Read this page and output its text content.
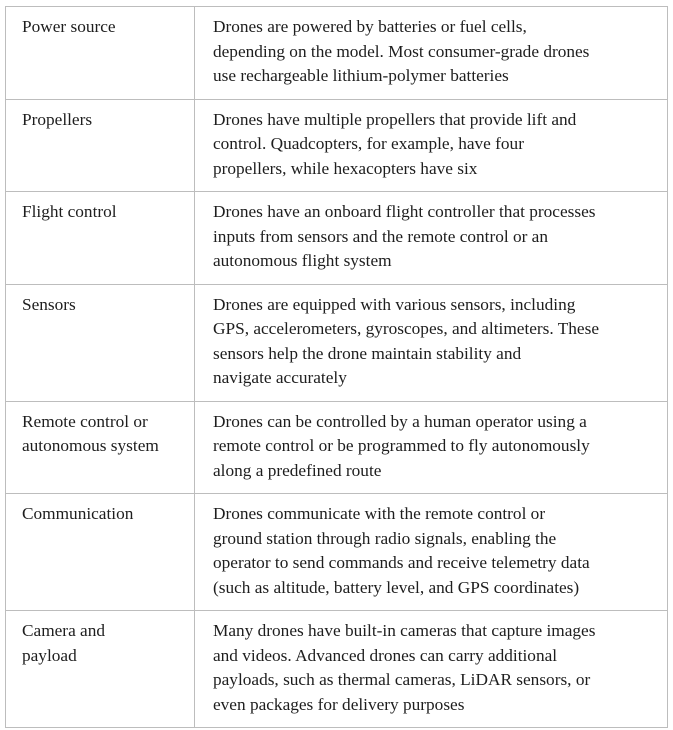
Power source	Drones are powered by batteries or fuel cells,
depending on the model. Most consumer-grade drones
use rechargeable lithium-polymer batteries

Propellers	Drones have multiple propellers that provide lift and
control. Quadcopters, for example, have four
propellers, while hexacopters have six

Flight control	Drones have an onboard flight controller that processes
inputs from sensors and the remote control or an
autonomous flight system

Sensors	Drones are equipped with various sensors, including
GPS, accelerometers, gyroscopes, and altimeters. These
sensors help the drone maintain stability and
navigate accurately

Remote control or
autonomous system	Drones can be controlled by a human operator using a
remote control or be programmed to fly autonomously
along a predefined route

Communication	Drones communicate with the remote control or
ground station through radio signals, enabling the
operator to send commands and receive telemetry data
(such as altitude, battery level, and GPS coordinates)

Camera and
payload	Many drones have built-in cameras that capture images
and videos. Advanced drones can carry additional
payloads, such as thermal cameras, LiDAR sensors, or
even packages for delivery purposes
